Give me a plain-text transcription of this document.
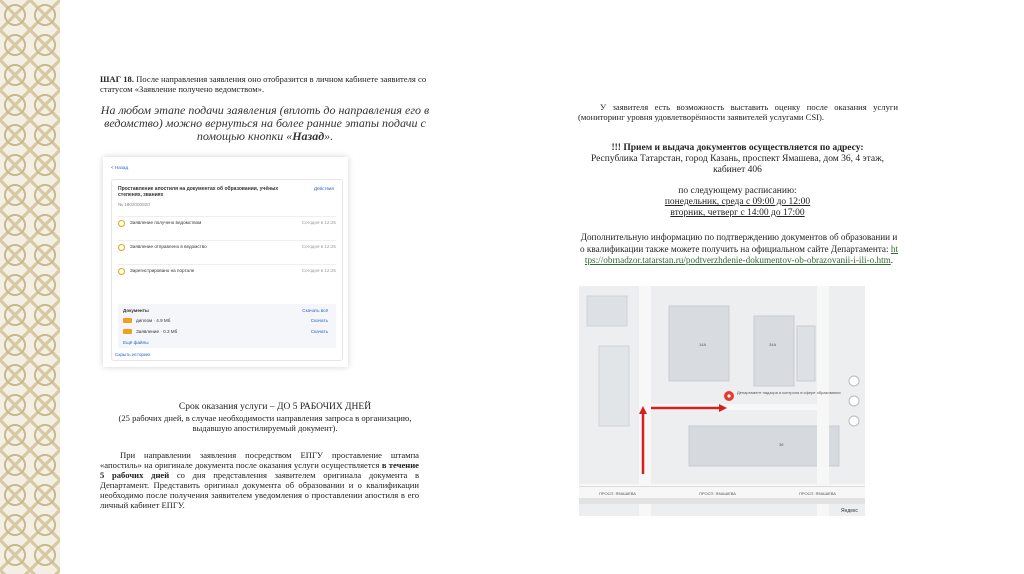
ШАГ 18. После направления заявления оно отобразится в личном кабинете заявителя со статусом «Заявление получено ведомством».

На любом этапе подачи заявления (вплоть до направления его в ведомство) можно вернуться на более ранние этапы подачи с помощью кнопки «Назад».

< Назад
Проставление апостиля на документах об образовании, учёных степенях, званиях
Действия
№ 1802000920
Заявление получено ведомством	Сегодня в 12:25
Заявление отправлено в ведомство	Сегодня в 12:25
Зарегистрировано на портале	Сегодня в 12:25
Документы	Скачать всё
диплом · 4.9 Мб	Скачать
Заявление · 0.3 Мб	Скачать
Ещё файлы
Скрыть историю

Срок оказания услуги – ДО 5 РАБОЧИХ ДНЕЙ

(25 рабочих дней, в случае необходимости направления запроса в организацию, выдавшую апостилируемый документ).

При направлении заявления посредством ЕПГУ проставление штампа «апостиль» на оригинале документа после оказания услуги осуществляется в течение 5 рабочих дней со дня представления заявителем оригинала документа в Департамент. Представить оригинал документа об образовании и о квалификации необходимо после получения заявителем уведомления о проставлении апостиля в его личный кабинет ЕПГУ.

У заявителя есть возможность выставить оценку после оказания услуги (мониторинг уровня удовлетворённости заявителей услугами CSI).

!!! Прием и выдача документов осуществляется по адресу:
Республика Татарстан, город Казань, проспект Ямашева, дом 36, 4 этаж, кабинет 406

по следующему расписанию:
понедельник, среда с 09:00 до 12:00
вторник, четверг с 14:00 до 17:00

Дополнительную информацию по подтверждению документов об образовании и о квалификации также можете получить на официальном сайте Департамента: https://obrnadzor.tatarstan.ru/podtverzhdenie-dokumentov-ob-obrazovanii-i-ili-o.htm.

ПРОСП. ЯМАШЕВА	ПРОСП. ЯМАШЕВА	ПРОСП. ЯМАШЕВА
Департамент надзора и контроля в сфере образования
14А	34А
36
Яндекс
